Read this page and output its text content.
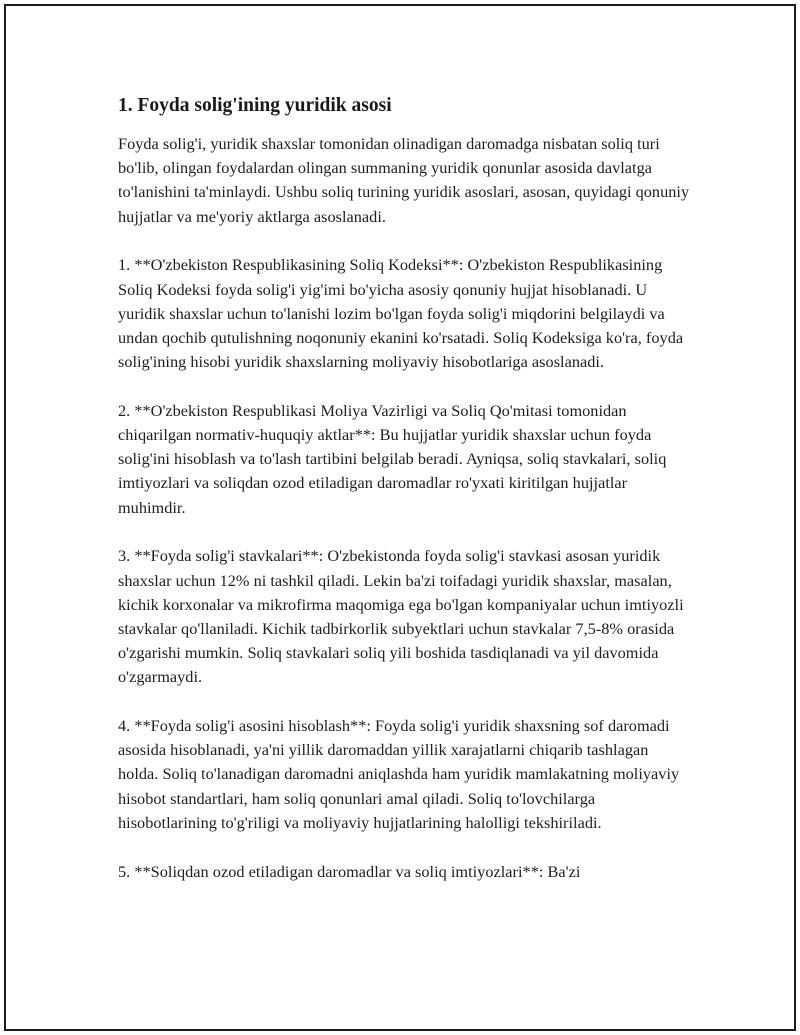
1. Foyda solig'ining yuridik asosi

Foyda solig'i, yuridik shaxslar tomonidan olinadigan daromadga nisbatan soliq turi bo'lib, olingan foydalardan olingan summaning yuridik qonunlar asosida davlatga to'lanishini ta'minlaydi. Ushbu soliq turining yuridik asoslari, asosan, quyidagi qonuniy hujjatlar va me'yoriy aktlarga asoslanadi.

1. **O'zbekiston Respublikasining Soliq Kodeksi**: O'zbekiston Respublikasining Soliq Kodeksi foyda solig'i yig'imi bo'yicha asosiy qonuniy hujjat hisoblanadi. U yuridik shaxslar uchun to'lanishi lozim bo'lgan foyda solig'i miqdorini belgilaydi va undan qochib qutulishning noqonuniy ekanini ko'rsatadi. Soliq Kodeksiga ko'ra, foyda solig'ining hisobi yuridik shaxslarning moliyaviy hisobotlariga asoslanadi.

2. **O'zbekiston Respublikasi Moliya Vazirligi va Soliq Qo'mitasi tomonidan chiqarilgan normativ-huquqiy aktlar**: Bu hujjatlar yuridik shaxslar uchun foyda solig'ini hisoblash va to'lash tartibini belgilab beradi. Ayniqsa, soliq stavkalari, soliq imtiyozlari va soliqdan ozod etiladigan daromadlar ro'yxati kiritilgan hujjatlar muhimdir.

3. **Foyda solig'i stavkalari**: O'zbekistonda foyda solig'i stavkasi asosan yuridik shaxslar uchun 12% ni tashkil qiladi. Lekin ba'zi toifadagi yuridik shaxslar, masalan, kichik korxonalar va mikrofirma maqomiga ega bo'lgan kompaniyalar uchun imtiyozli stavkalar qo'llaniladi. Kichik tadbirkorlik subyektlari uchun stavkalar 7,5-8% orasida o'zgarishi mumkin. Soliq stavkalari soliq yili boshida tasdiqlanadi va yil davomida o'zgarmaydi.

4. **Foyda solig'i asosini hisoblash**: Foyda solig'i yuridik shaxsning sof daromadi asosida hisoblanadi, ya'ni yillik daromaddan yillik xarajatlarni chiqarib tashlagan holda. Soliq to'lanadigan daromadni aniqlashda ham yuridik mamlakatning moliyaviy hisobot standartlari, ham soliq qonunlari amal qiladi. Soliq to'lovchilarga hisobotlarining to'g'riligi va moliyaviy hujjatlarining halolligi tekshiriladi.

5. **Soliqdan ozod etiladigan daromadlar va soliq imtiyozlari**: Ba'zi
